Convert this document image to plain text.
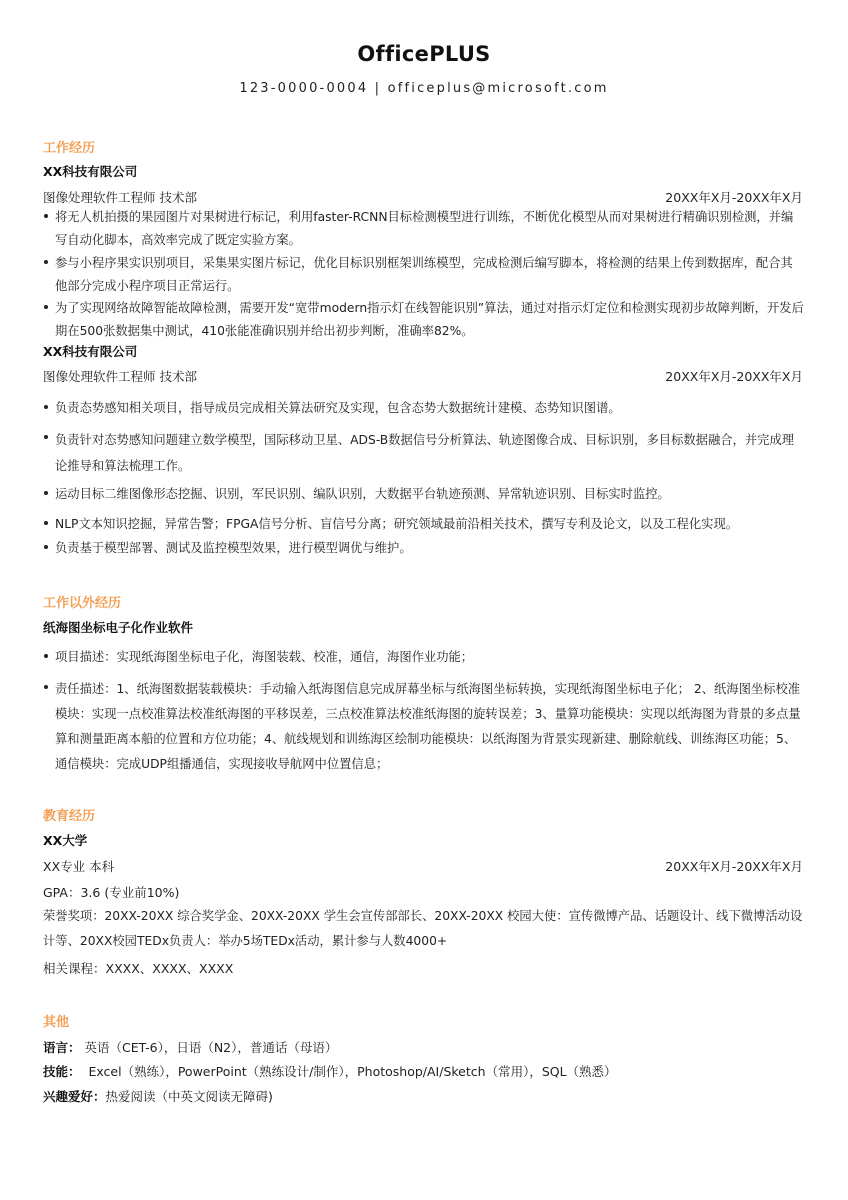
OfficePLUS
123-0000-0004 | officeplus@microsoft.com
工作经历
XX科技有限公司
图像处理软件工程师 技术部	20XX年X月-20XX年X月
将无人机拍摄的果园图片对果树进行标记，利用faster-RCNN目标检测模型进行训练，不断优化模型从而对果树进行精确识别检测，并编写自动化脚本，高效率完成了既定实验方案。
参与小程序果实识别项目，采集果实图片标记，优化目标识别框架训练模型，完成检测后编写脚本，将检测的结果上传到数据库，配合其他部分完成小程序项目正常运行。
为了实现网络故障智能故障检测，需要开发“宽带modern指示灯在线智能识别”算法，通过对指示灯定位和检测实现初步故障判断，开发后期在500张数据集中测试，410张能准确识别并给出初步判断，准确率82%。
XX科技有限公司
图像处理软件工程师 技术部	20XX年X月-20XX年X月
负责态势感知相关项目，指导成员完成相关算法研究及实现，包含态势大数据统计建模、态势知识图谱。
负责针对态势感知问题建立数学模型，国际移动卫星、ADS-B数据信号分析算法、轨迹图像合成、目标识别，多目标数据融合，并完成理论推导和算法梳理工作。
运动目标二维图像形态挖掘、识别，军民识别、编队识别，大数据平台轨迹预测、异常轨迹识别、目标实时监控。
NLP文本知识挖掘，异常告警；FPGA信号分析、盲信号分离；研究领域最前沿相关技术，撰写专利及论文，以及工程化实现。
负责基于模型部署、测试及监控模型效果，进行模型调优与维护。
工作以外经历
纸海图坐标电子化作业软件
项目描述：实现纸海图坐标电子化，海图装载、校准，通信，海图作业功能；
责任描述：1、纸海图数据装载模块：手动输入纸海图信息完成屏幕坐标与纸海图坐标转换，实现纸海图坐标电子化； 2、纸海图坐标校准模块：实现一点校准算法校准纸海图的平移误差，三点校准算法校准纸海图的旋转误差；3、量算功能模块：实现以纸海图为背景的多点量算和测量距离本船的位置和方位功能；4、航线规划和训练海区绘制功能模块：以纸海图为背景实现新建、删除航线、训练海区功能；5、通信模块：完成UDP组播通信，实现接收导航网中位置信息；
教育经历
XX大学
XX专业 本科	20XX年X月-20XX年X月
GPA：3.6 (专业前10%)
荣誉奖项：20XX-20XX 综合奖学金、20XX-20XX 学生会宣传部部长、20XX-20XX 校园大使：宣传微博产品、话题设计、线下微博活动设计等、20XX校园TEDx负责人：举办5场TEDx活动，累计参与人数4000+
相关课程：XXXX、XXXX、XXXX
其他
语言： 英语（CET-6），日语（N2），普通话（母语）
技能：  Excel（熟练），PowerPoint（熟练设计/制作），Photoshop/AI/Sketch（常用），SQL（熟悉）
兴趣爱好：热爱阅读（中英文阅读无障碍)
